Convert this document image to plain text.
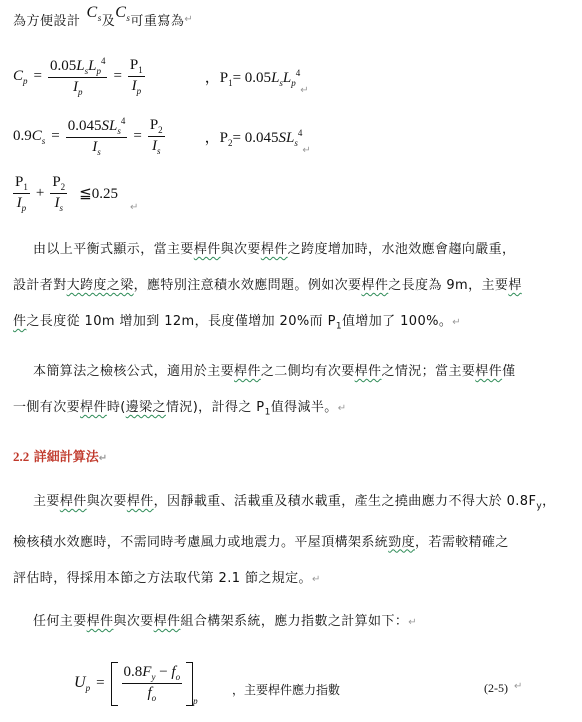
為方便設計
$C_s$ 及
$C_s$ 可重寫為 ↵
$C_p = \frac{0.05L_sL_p^4}{I_p} = \frac{P_1}{I_p}$	，$P_1= 0.05L_sL_p^4$
↵
$0.9C_s = \frac{0.045SL_s^4}{I_s} = \frac{P_2}{I_s}$	，$P_2= 0.045SL_s^4$
↵
$\frac{P_1}{I_p} + \frac{P_2}{I_s}$ ≦0.25
↵
由以上平衡式顯示，當主要桿件與次要桿件之跨度增加時，水池效應會趨向嚴重，
設計者對大跨度之梁，應特別注意積水效應問題。例如次要桿件之長度為 9m，主要桿
件之長度從 10m 增加到 12m，長度僅增加 20%而 $P_1$值增加了 100%。↵
本簡算法之檢核公式，適用於主要桿件之二側均有次要桿件之情況；當主要桿件僅
一側有次要桿件時(邊梁之情況)，計得之 $P_1$值得減半。↵
2.2 詳細計算法↵
主要桿件與次要桿件，因靜載重、活載重及積水載重，產生之撓曲應力不得大於 $0.8F_y$，
檢核積水效應時，不需同時考慮風力或地震力。平屋頂構架系統勁度，若需較精確之
評估時，得採用本節之方法取代第 2.1 節之規定。↵
任何主要桿件與次要桿件組合構架系統，應力指數之計算如下：↵
$U_p = \frac{0.8F_y - f_o}{f_o} _p$
，主要桿件應力指數	(2-5) ↵
